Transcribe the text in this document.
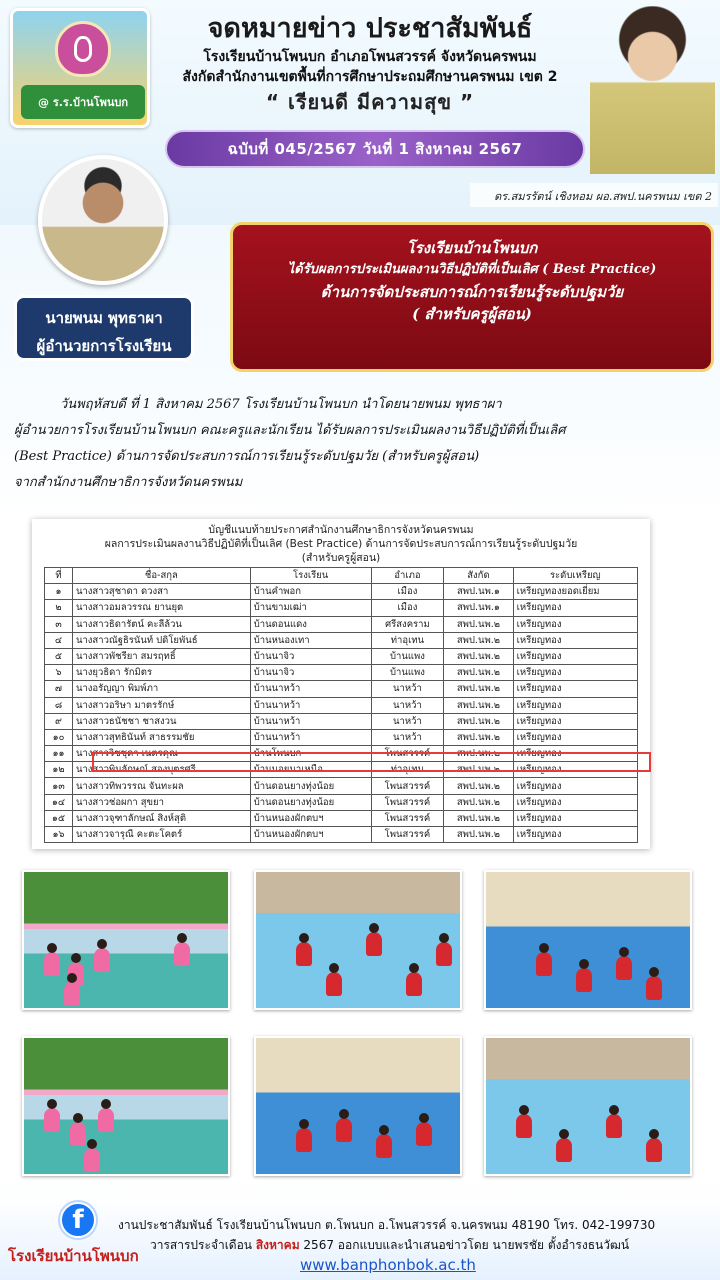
@ ร.ร.บ้านโพนบก
จดหมายข่าว ประชาสัมพันธ์
โรงเรียนบ้านโพนบก อำเภอโพนสวรรค์ จังหวัดนครพนม
สังกัดสำนักงานเขตพื้นที่การศึกษาประถมศึกษานครพนม เขต 2
“ เรียนดี มีความสุข ”
ดร.สมรรัตน์ เชิงหอม ผอ.สพป.นครพนม เขต 2
ฉบับที่ 045/2567 วันที่ 1 สิงหาคม 2567
นายพนม พุทธาผา
ผู้อำนวยการโรงเรียน
โรงเรียนบ้านโพนบก
ได้รับผลการประเมินผลงานวิธีปฏิบัติที่เป็นเลิศ ( Best Practice)
ด้านการจัดประสบการณ์การเรียนรู้ระดับปฐมวัย
( สำหรับครูผู้สอน)

วันพฤหัสบดี ที่ 1 สิงหาคม 2567 โรงเรียนบ้านโพนบก นำโดยนายพนม พุทธาผา

ผู้อำนวยการโรงเรียนบ้านโพนบก คณะครูและนักเรียน ได้รับผลการประเมินผลงานวิธีปฏิบัติที่เป็นเลิศ

(Best Practice) ด้านการจัดประสบการณ์การเรียนรู้ระดับปฐมวัย (สำหรับครูผู้สอน)

จากสำนักงานศึกษาธิการจังหวัดนครพนม

บัญชีแนบท้ายประกาศสำนักงานศึกษาธิการจังหวัดนครพนม
ผลการประเมินผลงานวิธีปฏิบัติที่เป็นเลิศ (Best Practice) ด้านการจัดประสบการณ์การเรียนรู้ระดับปฐมวัย
(สำหรับครูผู้สอน)
ที่	ชื่อ-สกุล	โรงเรียน	อำเภอ	สังกัด	ระดับเหรียญ
๑	นางสาวสุชาดา ดวงสา	บ้านคำพอก	เมือง	สพป.นพ.๑	เหรียญทองยอดเยี่ยม
๒	นางสาวอมลวรรณ ยานยุต	บ้านขามเฒ่า	เมือง	สพป.นพ.๑	เหรียญทอง
๓	นางสาวธิดารัตน์ คะลีล้วน	บ้านดอนแดง	ศรีสงคราม	สพป.นพ.๒	เหรียญทอง
๔	นางสาวณัฐธิรนันท์ ปดิโยพันธ์	บ้านหนองเทา	ท่าอุเทน	สพป.นพ.๒	เหรียญทอง
๕	นางสาวพัชรียา สมรฤทธิ์	บ้านนาจิว	บ้านแพง	สพป.นพ.๒	เหรียญทอง
๖	นางยุวธิดา รักมิตร	บ้านนาจิว	บ้านแพง	สพป.นพ.๒	เหรียญทอง
๗	นางอรัญญา พิมพ์ภา	บ้านนาหว้า	นาหว้า	สพป.นพ.๒	เหรียญทอง
๘	นางสาวอริษา มาตรรักษ์	บ้านนาหว้า	นาหว้า	สพป.นพ.๒	เหรียญทอง
๙	นางสาวธนัชชา ชาสงวน	บ้านนาหว้า	นาหว้า	สพป.นพ.๒	เหรียญทอง
๑๐	นางสาวสุทธินันท์ สาธรรมชัย	บ้านนาหว้า	นาหว้า	สพป.นพ.๒	เหรียญทอง
๑๑	นางสาววิชชุดา เนตรคุณ	บ้านโพนบก	โพนสวรรค์	สพป.นพ.๒	เหรียญทอง
๑๒	นางสาวพิมลักษณ์ สองบุตรศรี	บ้านนอยนาเหนือ	ท่าอุเทน	สพป.นพ.๒	เหรียญทอง
๑๓	นางสาวทิพวรรณ จันทะผล	บ้านดอนยางทุ่งน้อย	โพนสวรรค์	สพป.นพ.๒	เหรียญทอง
๑๔	นางสาวช่อผกา สุขยา	บ้านดอนยางทุ่งน้อย	โพนสวรรค์	สพป.นพ.๒	เหรียญทอง
๑๕	นางสาวจุฑาลักษณ์ สิงห์สุติ	บ้านหนองผักตบฯ	โพนสวรรค์	สพป.นพ.๒	เหรียญทอง
๑๖	นางสาวจารุณี คะตะโคตร์	บ้านหนองผักตบฯ	โพนสวรรค์	สพป.นพ.๒	เหรียญทอง
f
โรงเรียนบ้านโพนบก
งานประชาสัมพันธ์ โรงเรียนบ้านโพนบก ต.โพนบก อ.โพนสวรรค์ จ.นครพนม 48190 โทร. 042-199730
วารสารประจำเดือน สิงหาคม 2567 ออกแบบและนำเสนอข่าวโดย นายพรชัย ตั้งอำรงธนวัฒน์
www.banphonbok.ac.th
